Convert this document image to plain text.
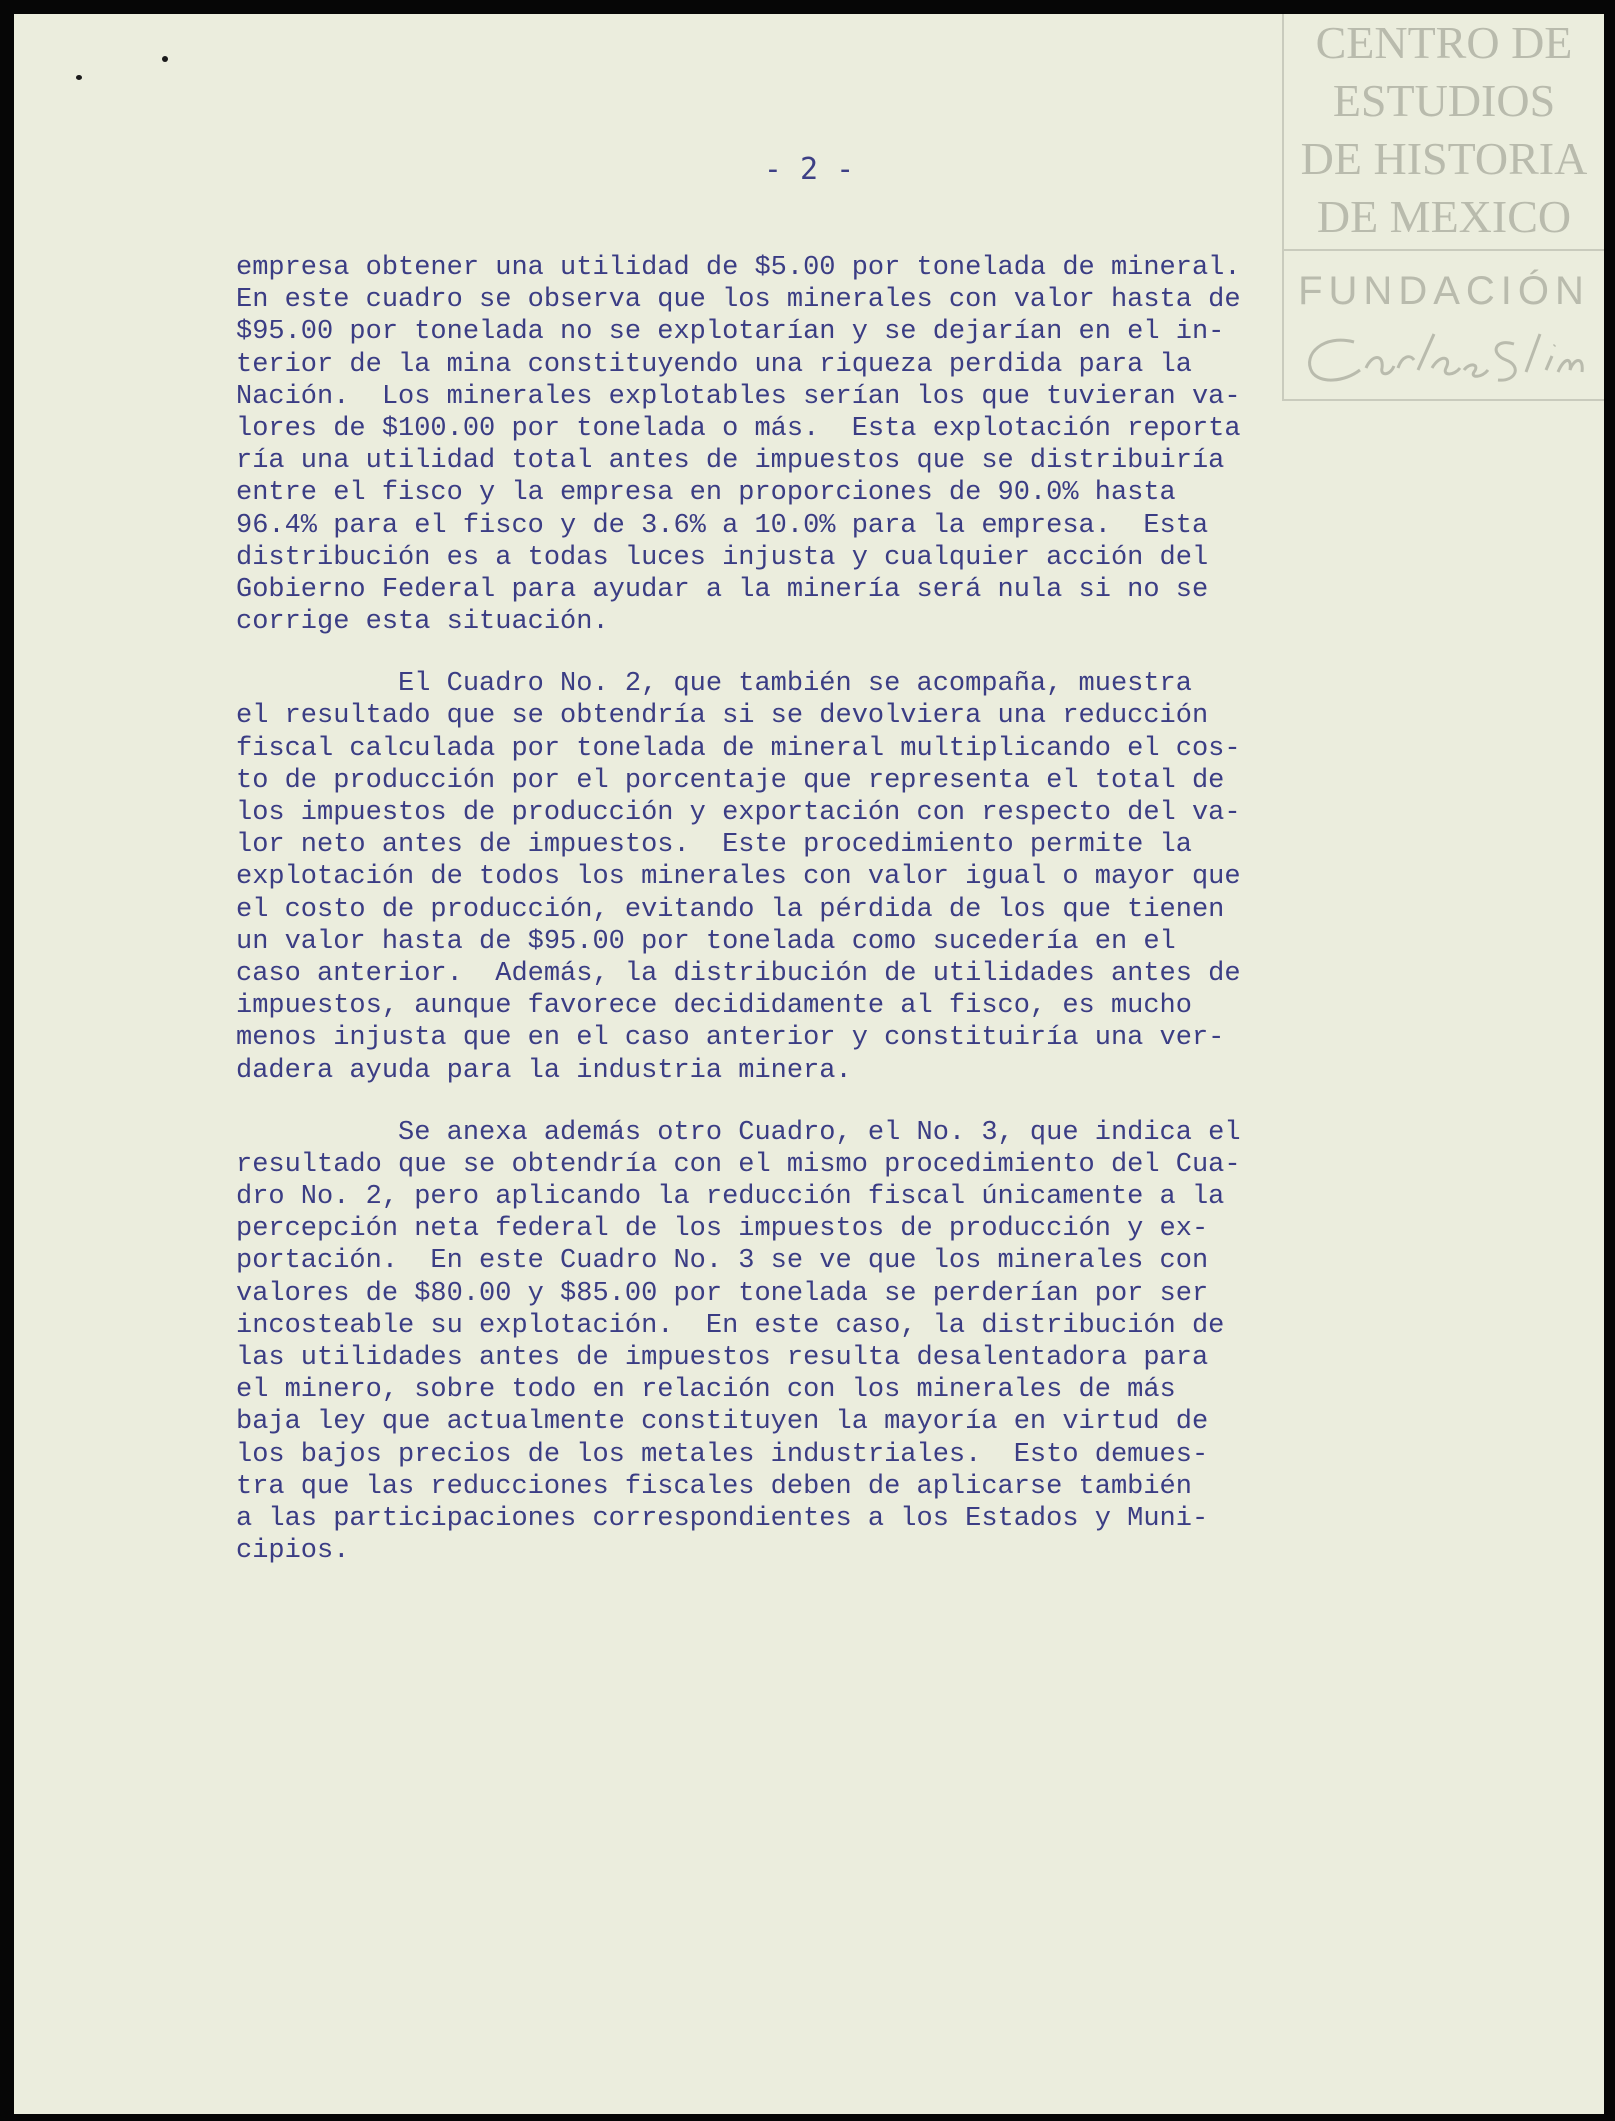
CENTRO DE
ESTUDIOS
DE HISTORIA
DE MEXICO
FUNDACIÓN
- 2 -
empresa obtener una utilidad de $5.00 por tonelada de mineral.
En este cuadro se observa que los minerales con valor hasta de
$95.00 por tonelada no se explotarían y se dejarían en el in-
terior de la mina constituyendo una riqueza perdida para la
Nación.  Los minerales explotables serían los que tuvieran va-
lores de $100.00 por tonelada o más.  Esta explotación reporta
ría una utilidad total antes de impuestos que se distribuiría
entre el fisco y la empresa en proporciones de 90.0% hasta
96.4% para el fisco y de 3.6% a 10.0% para la empresa.  Esta
distribución es a todas luces injusta y cualquier acción del
Gobierno Federal para ayudar a la minería será nula si no se
corrige esta situación.
El Cuadro No. 2, que también se acompaña, muestra
el resultado que se obtendría si se devolviera una reducción
fiscal calculada por tonelada de mineral multiplicando el cos-
to de producción por el porcentaje que representa el total de
los impuestos de producción y exportación con respecto del va-
lor neto antes de impuestos.  Este procedimiento permite la
explotación de todos los minerales con valor igual o mayor que
el costo de producción, evitando la pérdida de los que tienen
un valor hasta de $95.00 por tonelada como sucedería en el
caso anterior.  Además, la distribución de utilidades antes de
impuestos, aunque favorece decididamente al fisco, es mucho
menos injusta que en el caso anterior y constituiría una ver-
dadera ayuda para la industria minera.
Se anexa además otro Cuadro, el No. 3, que indica el
resultado que se obtendría con el mismo procedimiento del Cua-
dro No. 2, pero aplicando la reducción fiscal únicamente a la
percepción neta federal de los impuestos de producción y ex-
portación.  En este Cuadro No. 3 se ve que los minerales con
valores de $80.00 y $85.00 por tonelada se perderían por ser
incosteable su explotación.  En este caso, la distribución de
las utilidades antes de impuestos resulta desalentadora para
el minero, sobre todo en relación con los minerales de más
baja ley que actualmente constituyen la mayoría en virtud de
los bajos precios de los metales industriales.  Esto demues-
tra que las reducciones fiscales deben de aplicarse también
a las participaciones correspondientes a los Estados y Muni-
cipios.
